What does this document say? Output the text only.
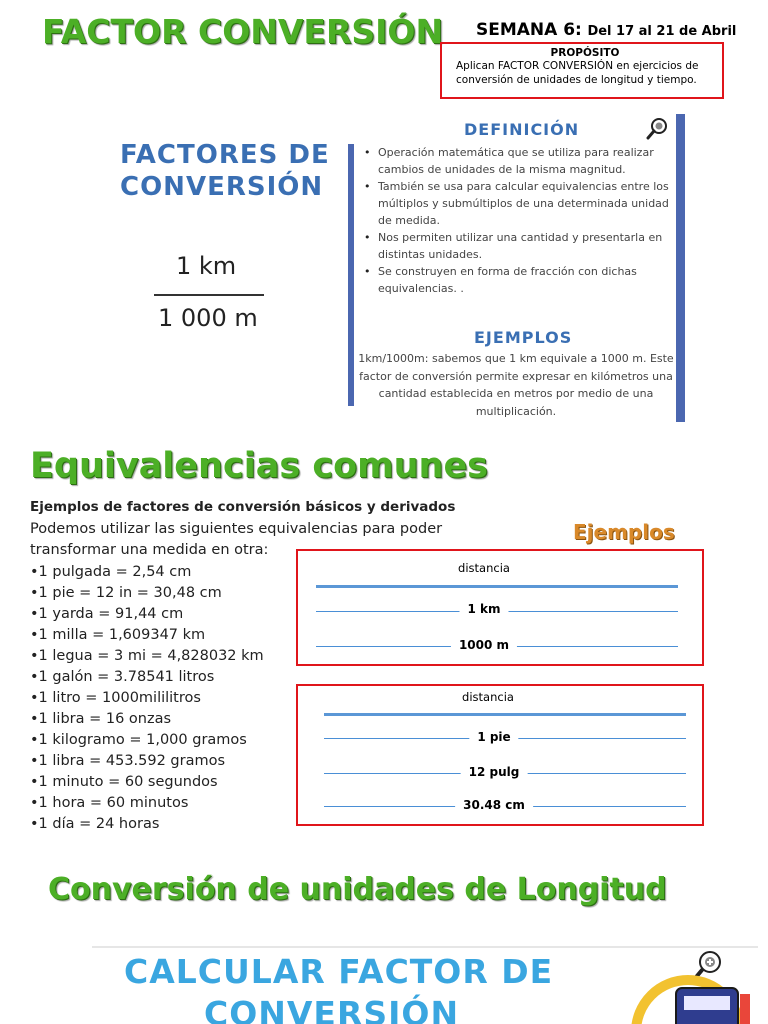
FACTOR CONVERSIÓN SEMANA 6: Del 17 al 21 de Abril
PROPÓSITO
Aplican FACTOR CONVERSIÓN en ejercicios de conversión de unidades de longitud y tiempo.
FACTORES DE
CONVERSIÓN
1 km
1 000 m
DEFINICIÓN
• Operación matemática que se utiliza para realizar cambios de unidades de la misma magnitud.
• También se usa para calcular equivalencias entre los múltiplos y submúltiplos de una determinada unidad de medida.
• Nos permiten utilizar una cantidad y presentarla en distintas unidades.
• Se construyen en forma de fracción con dichas equivalencias. .
EJEMPLOS
1km/1000m: sabemos que 1 km equivale a 1000 m. Este factor de conversión permite expresar en kilómetros una cantidad establecida en metros por medio de una multiplicación.
Equivalencias comunes
Ejemplos de factores de conversión básicos y derivados
Podemos utilizar las siguientes equivalencias para poder transformar una medida en otra:
•1 pulgada = 2,54 cm
•1 pie = 12 in = 30,48 cm
•1 yarda = 91,44 cm
•1 milla = 1,609347 km
•1 legua = 3 mi = 4,828032 km
•1 galón = 3.78541 litros
•1 litro = 1000mililitros
•1 libra = 16 onzas
•1 kilogramo = 1,000 gramos
•1 libra = 453.592 gramos
•1 minuto = 60 segundos
•1 hora = 60 minutos
•1 día = 24 horas
Ejemplos
distancia
1 km
1000 m
distancia
1 pie
12 pulg
30.48 cm
Conversión de unidades de Longitud
CALCULAR FACTOR DE
CONVERSIÓN
